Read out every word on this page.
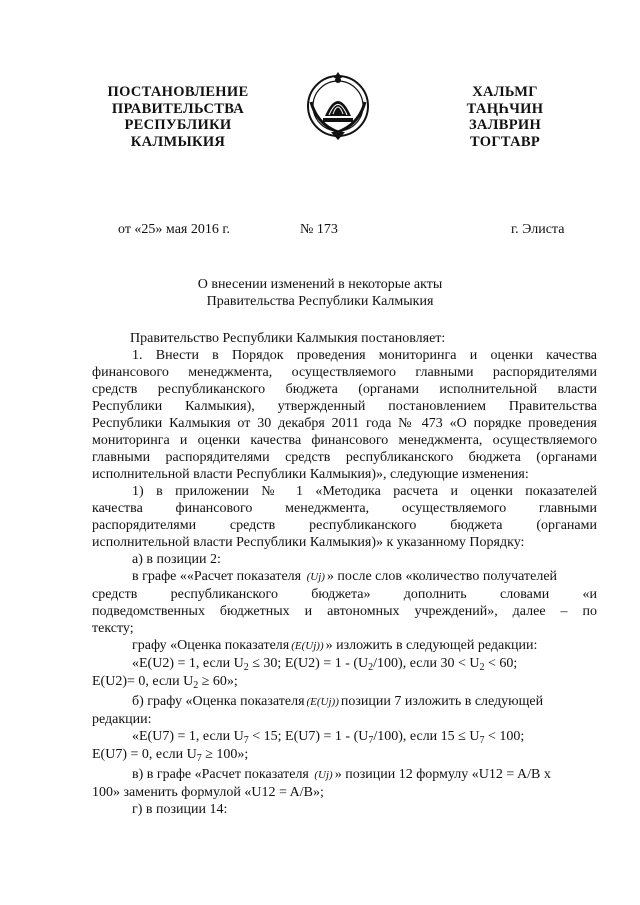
ПОСТАНОВЛЕНИЕ
ПРАВИТЕЛЬСТВА
РЕСПУБЛИКИ
КАЛМЫКИЯ
ХАЛЬМГ
ТАҢҺЧИН
ЗАЛВРИН
ТОГТАВР
от «25» мая 2016 г.	№ 173	г. Элиста
О внесении изменений в некоторые акты
Правительства Республики Калмыкия
Правительство Республики Калмыкия постановляет:
1. Внести в Порядок проведения мониторинга и оценки качества
финансового менеджмента, осуществляемого главными распорядителями
средств республиканского бюджета (органами исполнительной власти
Республики Калмыкия), утвержденный постановлением Правительства
Республики Калмыкия от 30 декабря 2011 года № 473 «О порядке проведения
мониторинга и оценки качества финансового менеджмента, осуществляемого
главными распорядителями средств республиканского бюджета (органами
исполнительной власти Республики Калмыкия)», следующие изменения:
1) в приложении № 1 «Методика расчета и оценки показателей
качества финансового менеджмента, осуществляемого главными
распорядителями средств республиканского бюджета (органами
исполнительной власти Республики Калмыкия)» к указанному Порядку:
а) в позиции 2:
в графе ««Расчет показателя (Uj) » после слов «количество получателей
средств республиканского бюджета» дополнить словами «и
подведомственных бюджетных и автономных учреждений», далее – по
тексту;
графу «Оценка показателя (E(Uj)) » изложить в следующей редакции:
«E(U2) = 1, если $U_2 \le 30$; $E(U2) = 1 - (U_2/100)$, если $30 < U_2 < 60$;
E(U2)= 0, если $U_2 \ge 60$»;
б) графу «Оценка показателя (E(Uj)) позиции 7 изложить в следующей
редакции:
«E(U7) = 1, если $U_7 < 15$; $E(U7) = 1 - (U_7/100)$, если $15 \le U_7 < 100$;
E(U7) = 0, если $U_7 \ge 100$»;
в) в графе «Расчет показателя (Uj) » позиции 12 формулу «U12 = A/B x
100» заменить формулой «U12 = A/B»;
г) в позиции 14:
